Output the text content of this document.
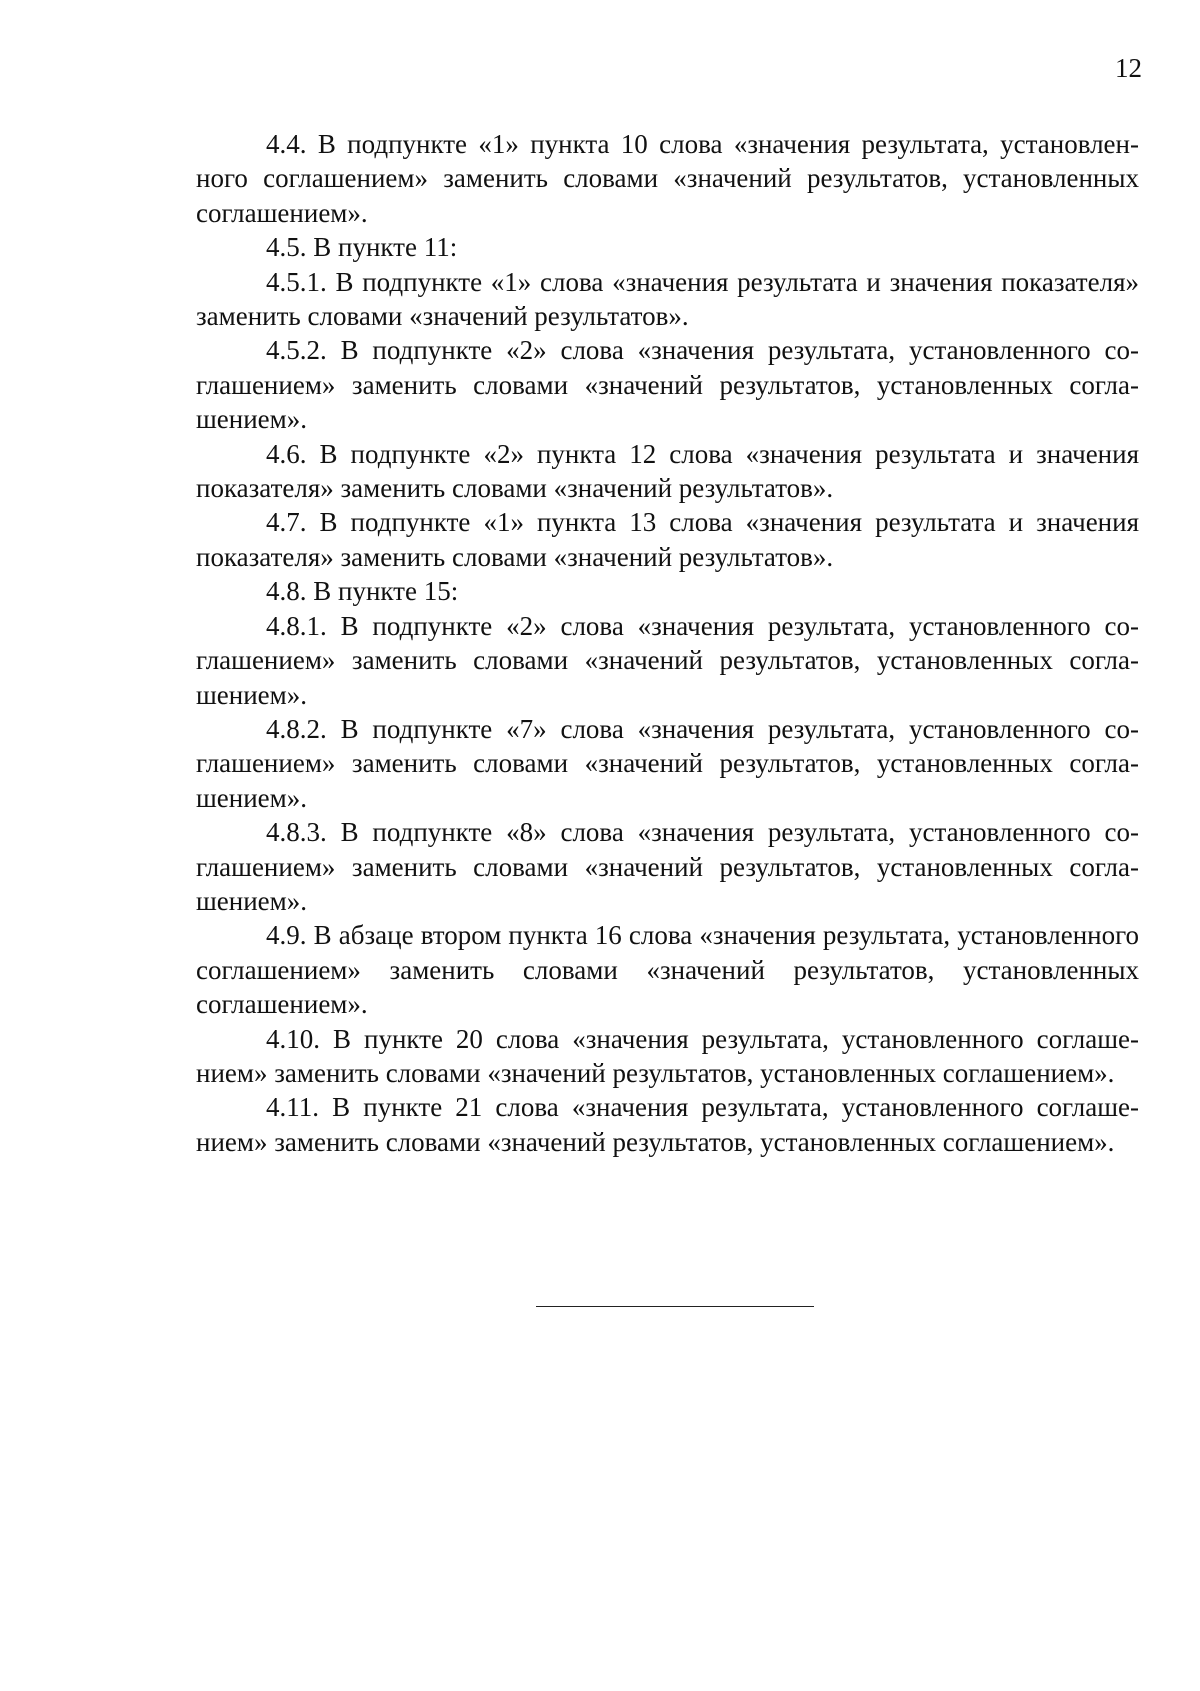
12

4.4. В подпункте «1» пункта 10 слова «значения результата, установленного соглашением» заменить словами «значений результатов, установленных соглашением».

4.5. В пункте 11:

4.5.1. В подпункте «1» слова «значения результата и значения показателя» заменить словами «значений результатов».

4.5.2. В подпункте «2» слова «значения результата, установленного соглашением» заменить словами «значений результатов, установленных соглашением».

4.6. В подпункте «2» пункта 12 слова «значения результата и значения показателя» заменить словами «значений результатов».

4.7. В подпункте «1» пункта 13 слова «значения результата и значения показателя» заменить словами «значений результатов».

4.8. В пункте 15:

4.8.1. В подпункте «2» слова «значения результата, установленного соглашением» заменить словами «значений результатов, установленных соглашением».

4.8.2. В подпункте «7» слова «значения результата, установленного соглашением» заменить словами «значений результатов, установленных соглашением».

4.8.3. В подпункте «8» слова «значения результата, установленного соглашением» заменить словами «значений результатов, установленных соглашением».

4.9. В абзаце втором пункта 16 слова «значения результата, установленного соглашением» заменить словами «значений результатов, установленных соглашением».

4.10. В пункте 20 слова «значения результата, установленного соглашением» заменить словами «значений результатов, установленных соглашением».

4.11. В пункте 21 слова «значения результата, установленного соглашением» заменить словами «значений результатов, установленных соглашением».
